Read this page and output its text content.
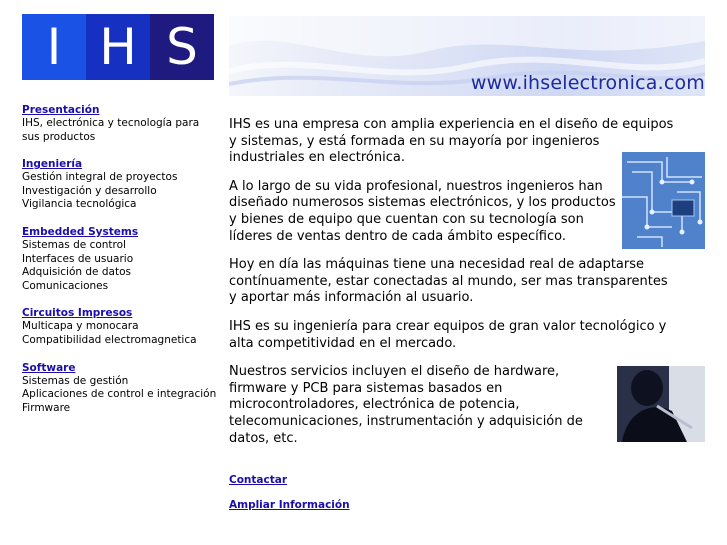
I H S
www.ihselectronica.com
Presentación
IHS, electrónica y tecnología para
sus productos
Ingeniería
Gestión integral de proyectos
Investigación y desarrollo
Vigilancia tecnológica
Embedded Systems
Sistemas de control
Interfaces de usuario
Adquisición de datos
Comunicaciones
Circuitos Impresos
Multicapa y monocara
Compatibilidad electromagnetica
Software
Sistemas de gestión
Aplicaciones de control e integración
Firmware

IHS es una empresa con amplia experiencia en el diseño de equipos y sistemas, y está formada en su mayoría por ingenieros industriales en electrónica.

A lo largo de su vida profesional, nuestros ingenieros han diseñado numerosos sistemas electrónicos, y los productos y bienes de equipo que cuentan con su tecnología son líderes de ventas dentro de cada ámbito específico.

Hoy en día las máquinas tiene una necesidad real de adaptarse contínuamente, estar conectadas al mundo, ser mas transparentes y aportar más información al usuario.

IHS es su ingeniería para crear equipos de gran valor tecnológico y alta competitividad en el mercado.

Nuestros servicios incluyen el diseño de hardware, firmware y PCB para sistemas basados en microcontroladores, electrónica de potencia, telecomunicaciones, instrumentación y adquisición de datos, etc.

Contactar
Ampliar Información
